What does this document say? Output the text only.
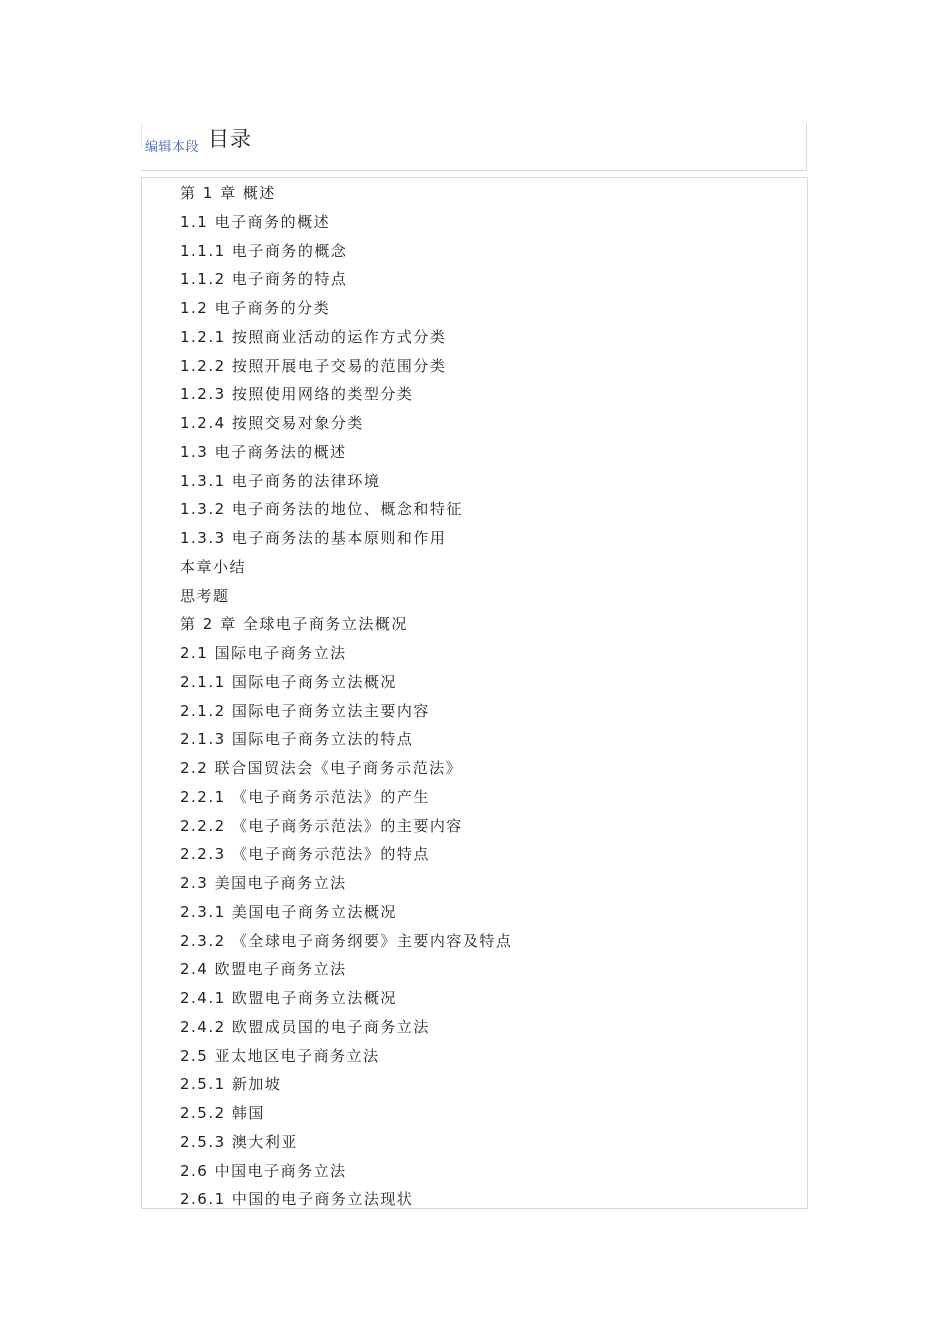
编辑本段 目录
第 1 章 概述
1.1 电子商务的概述
1.1.1 电子商务的概念
1.1.2 电子商务的特点
1.2 电子商务的分类
1.2.1 按照商业活动的运作方式分类
1.2.2 按照开展电子交易的范围分类
1.2.3 按照使用网络的类型分类
1.2.4 按照交易对象分类
1.3 电子商务法的概述
1.3.1 电子商务的法律环境
1.3.2 电子商务法的地位、概念和特征
1.3.3 电子商务法的基本原则和作用
本章小结
思考题
第 2 章 全球电子商务立法概况
2.1 国际电子商务立法
2.1.1 国际电子商务立法概况
2.1.2 国际电子商务立法主要内容
2.1.3 国际电子商务立法的特点
2.2 联合国贸法会《电子商务示范法》
2.2.1 《电子商务示范法》的产生
2.2.2 《电子商务示范法》的主要内容
2.2.3 《电子商务示范法》的特点
2.3 美国电子商务立法
2.3.1 美国电子商务立法概况
2.3.2 《全球电子商务纲要》主要内容及特点
2.4 欧盟电子商务立法
2.4.1 欧盟电子商务立法概况
2.4.2 欧盟成员国的电子商务立法
2.5 亚太地区电子商务立法
2.5.1 新加坡
2.5.2 韩国
2.5.3 澳大利亚
2.6 中国电子商务立法
2.6.1 中国的电子商务立法现状
